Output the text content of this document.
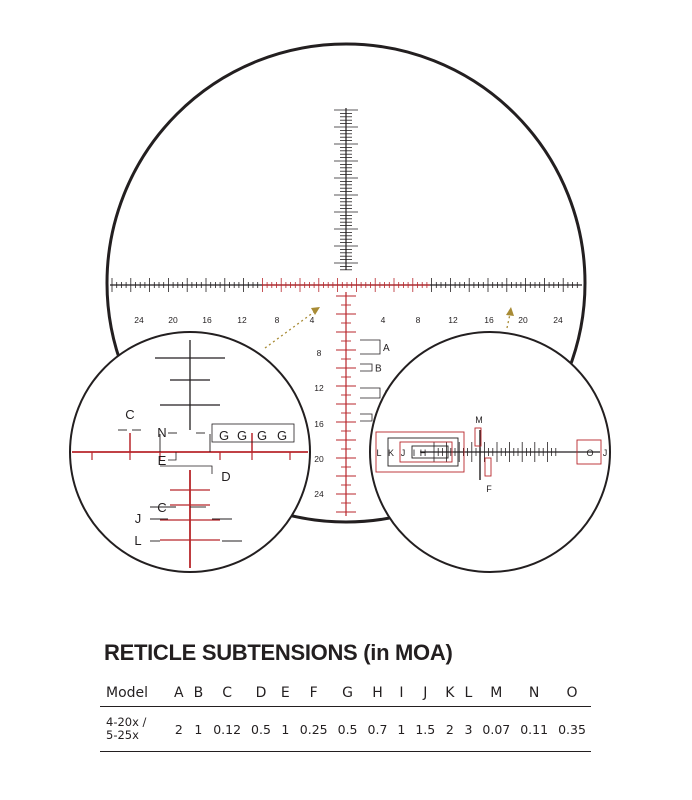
24	20	16	12	8	4	4	8	12	16	20	24
8
12
16
20
24
A
B
C
N	G G G G
E
D
C
J
L
L K J I H
M
F
O J
RETICLE SUBTENSIONS (in MOA)
Model	A	B	C	D	E	F	G	H	I	J	K	L	M	N	O
4-20x /
5-25x	2	1	0.12	0.5	1	0.25	0.5	0.7	1	1.5	2	3	0.07	0.11	0.35
